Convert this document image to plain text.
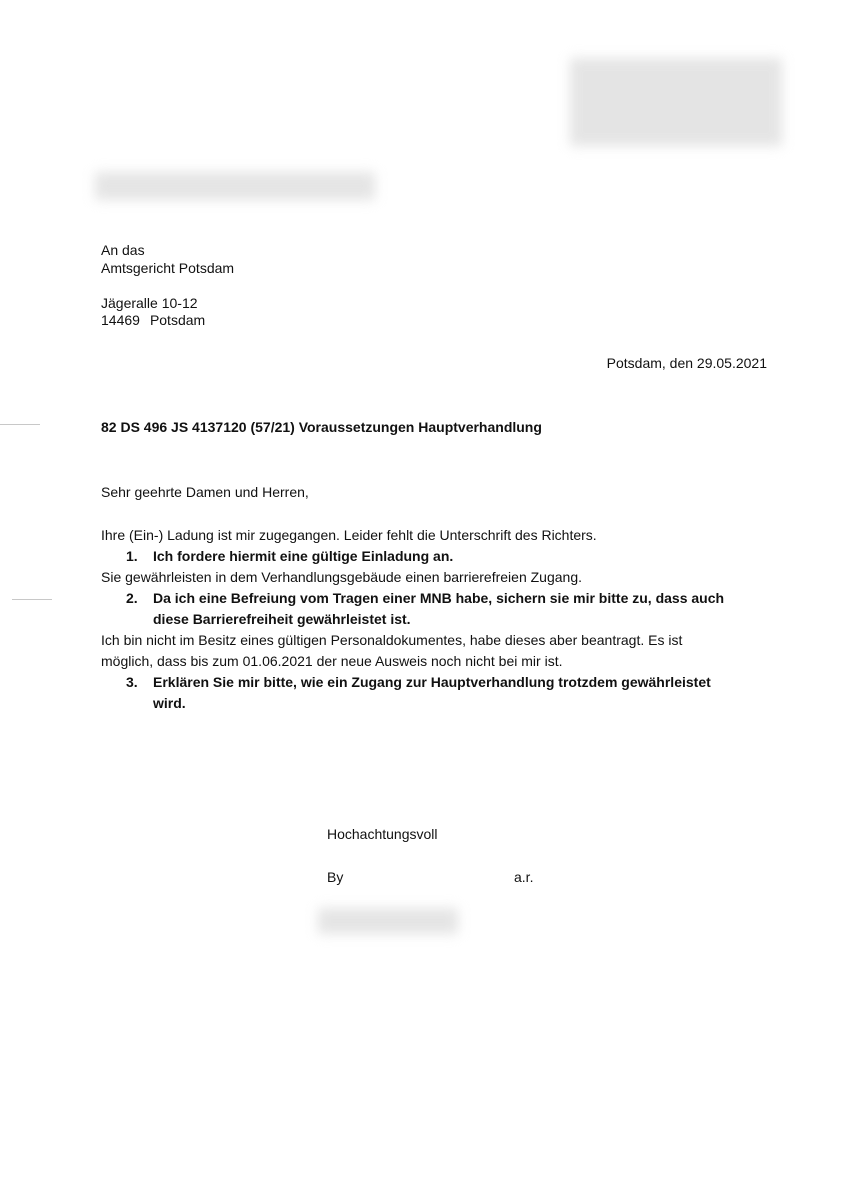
An das
Amtsgericht Potsdam
Jägeralle 10-12
14469 Potsdam
Potsdam, den 29.05.2021
82 DS 496 JS 4137120 (57/21) Voraussetzungen Hauptverhandlung
Sehr geehrte Damen und Herren,
Ihre (Ein-) Ladung ist mir zugegangen. Leider fehlt die Unterschrift des Richters.
1. Ich fordere hiermit eine gültige Einladung an.
Sie gewährleisten in dem Verhandlungsgebäude einen barrierefreien Zugang.
2. Da ich eine Befreiung vom Tragen einer MNB habe, sichern sie mir bitte zu, dass auch
diese Barrierefreiheit gewährleistet ist.
Ich bin nicht im Besitz eines gültigen Personaldokumentes, habe dieses aber beantragt. Es ist
möglich, dass bis zum 01.06.2021 der neue Ausweis noch nicht bei mir ist.
3. Erklären Sie mir bitte, wie ein Zugang zur Hauptverhandlung trotzdem gewährleistet
wird.
Hochachtungsvoll
By	a.r.
